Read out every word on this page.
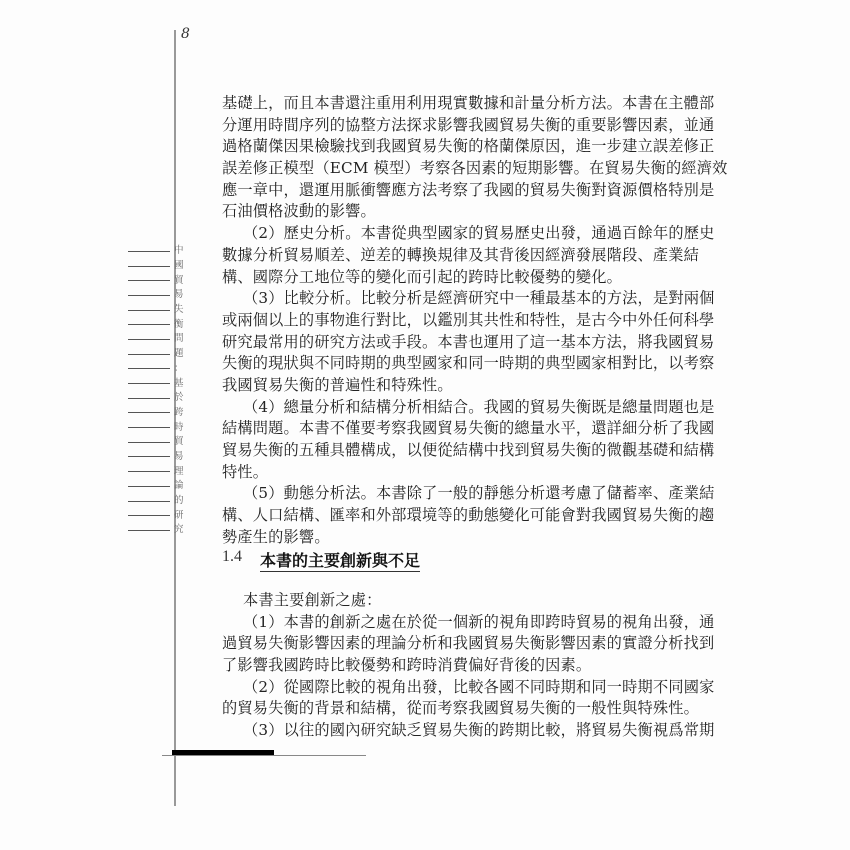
8
中
國
貿
易
失
衡
問
題
：
基
於
跨
時
貿
易
理
論
的
研
究
基礎上，而且本書還注重用利用現實數據和計量分析方法。本書在主體部
分運用時間序列的協整方法探求影響我國貿易失衡的重要影響因素，並通
過格蘭傑因果檢驗找到我國貿易失衡的格蘭傑原因，進一步建立誤差修正
誤差修正模型（ECM 模型）考察各因素的短期影響。在貿易失衡的經濟效
應一章中，還運用脈衝響應方法考察了我國的貿易失衡對資源價格特別是
石油價格波動的影響。
（2）歷史分析。本書從典型國家的貿易歷史出發，通過百餘年的歷史
數據分析貿易順差、逆差的轉換規律及其背後因經濟發展階段、產業結
構、國際分工地位等的變化而引起的跨時比較優勢的變化。
（3）比較分析。比較分析是經濟研究中一種最基本的方法，是對兩個
或兩個以上的事物進行對比，以鑑別其共性和特性，是古今中外任何科學
研究最常用的研究方法或手段。本書也運用了這一基本方法，將我國貿易
失衡的現狀與不同時期的典型國家和同一時期的典型國家相對比，以考察
我國貿易失衡的普遍性和特殊性。
（4）總量分析和結構分析相結合。我國的貿易失衡既是總量問題也是
結構問題。本書不僅要考察我國貿易失衡的總量水平，還詳細分析了我國
貿易失衡的五種具體構成，以便從結構中找到貿易失衡的微觀基礎和結構
特性。
（5）動態分析法。本書除了一般的靜態分析還考慮了儲蓄率、產業結
構、人口結構、匯率和外部環境等的動態變化可能會對我國貿易失衡的趨
勢產生的影響。
1.4 本書的主要創新與不足
本書主要創新之處：
（1）本書的創新之處在於從一個新的視角即跨時貿易的視角出發，通
過貿易失衡影響因素的理論分析和我國貿易失衡影響因素的實證分析找到
了影響我國跨時比較優勢和跨時消費偏好背後的因素。
（2）從國際比較的視角出發，比較各國不同時期和同一時期不同國家
的貿易失衡的背景和結構，從而考察我國貿易失衡的一般性與特殊性。
（3）以往的國內研究缺乏貿易失衡的跨期比較，將貿易失衡視爲常期
